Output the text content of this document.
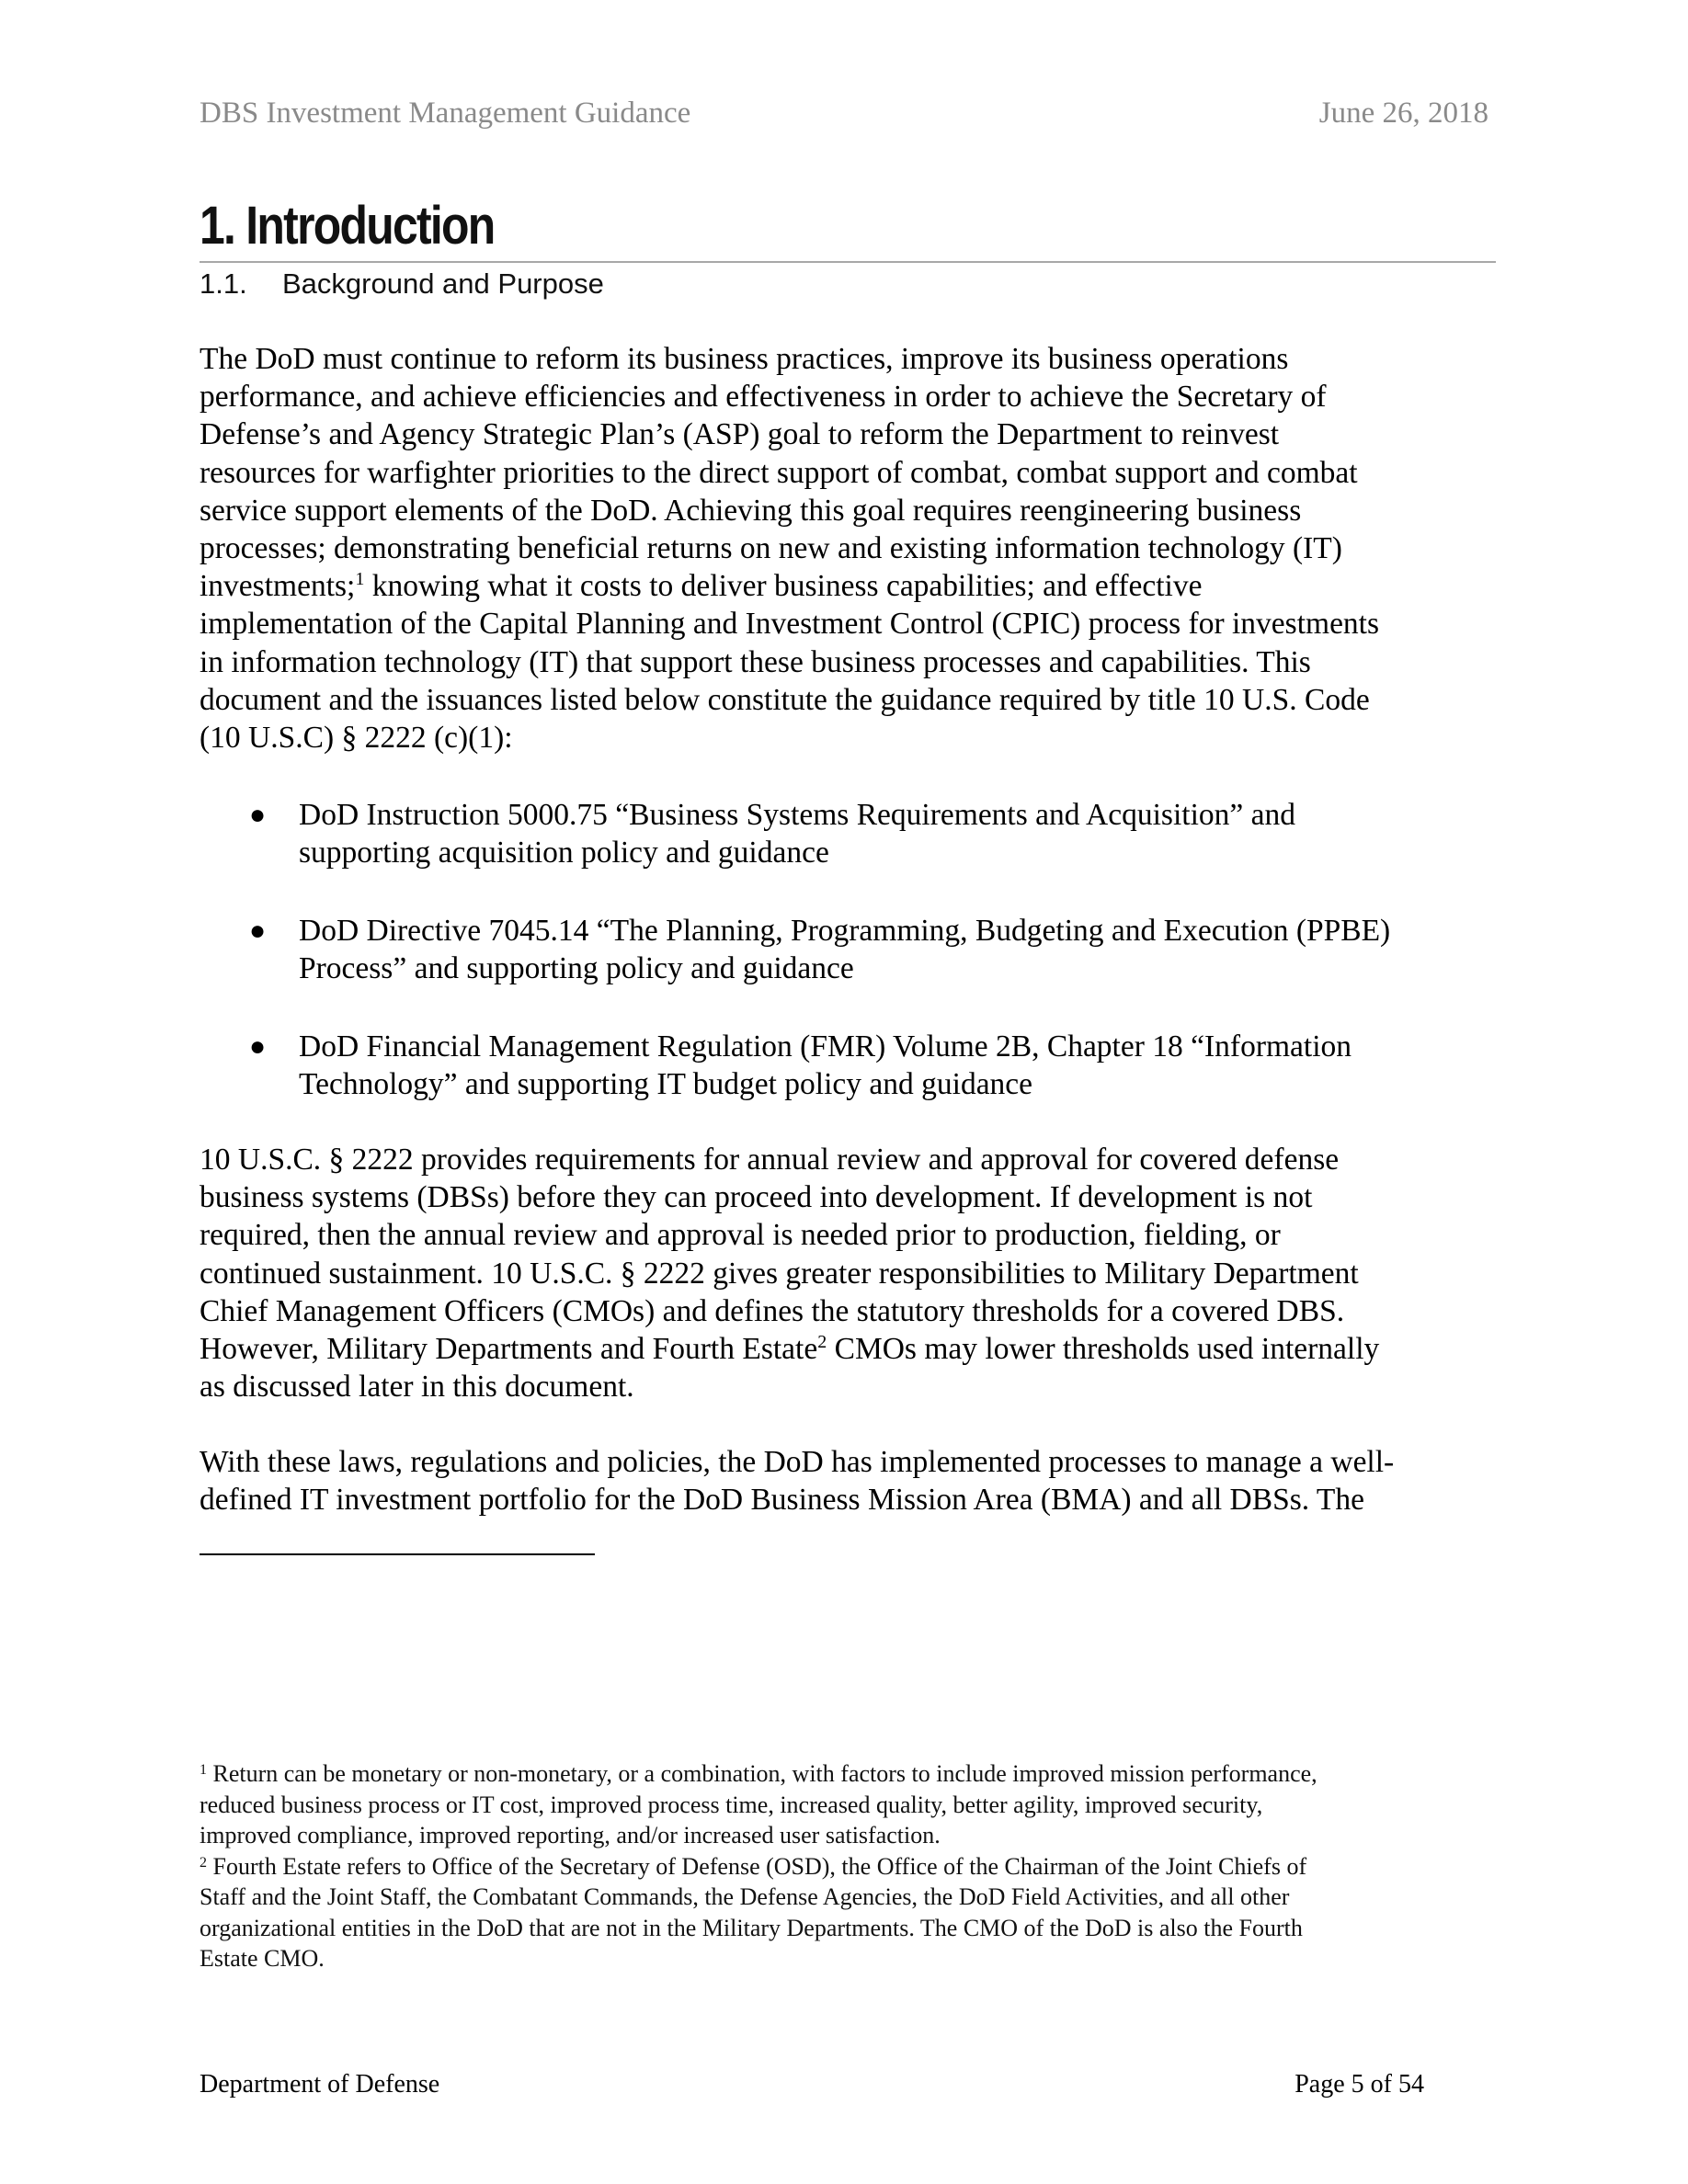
DBS Investment Management Guidance	June 26, 2018
1. Introduction
1.1. Background and Purpose
The DoD must continue to reform its business practices, improve its business operations
performance, and achieve efficiencies and effectiveness in order to achieve the Secretary of
Defense’s and Agency Strategic Plan’s (ASP) goal to reform the Department to reinvest
resources for warfighter priorities to the direct support of combat, combat support and combat
service support elements of the DoD. Achieving this goal requires reengineering business
processes; demonstrating beneficial returns on new and existing information technology (IT)
investments;$^1$ knowing what it costs to deliver business capabilities; and effective
implementation of the Capital Planning and Investment Control (CPIC) process for investments
in information technology (IT) that support these business processes and capabilities. This
document and the issuances listed below constitute the guidance required by title 10 U.S. Code
(10 U.S.C) § 2222 (c)(1):
● DoD Instruction 5000.75 “Business Systems Requirements and Acquisition” and
supporting acquisition policy and guidance
● DoD Directive 7045.14 “The Planning, Programming, Budgeting and Execution (PPBE)
Process” and supporting policy and guidance
● DoD Financial Management Regulation (FMR) Volume 2B, Chapter 18 “Information
Technology” and supporting IT budget policy and guidance
10 U.S.C. § 2222 provides requirements for annual review and approval for covered defense
business systems (DBSs) before they can proceed into development. If development is not
required, then the annual review and approval is needed prior to production, fielding, or
continued sustainment. 10 U.S.C. § 2222 gives greater responsibilities to Military Department
Chief Management Officers (CMOs) and defines the statutory thresholds for a covered DBS.
However, Military Departments and Fourth Estate$^2$ CMOs may lower thresholds used internally
as discussed later in this document.
With these laws, regulations and policies, the DoD has implemented processes to manage a well-
defined IT investment portfolio for the DoD Business Mission Area (BMA) and all DBSs. The
$^1$ Return can be monetary or non-monetary, or a combination, with factors to include improved mission performance,
reduced business process or IT cost, improved process time, increased quality, better agility, improved security,
improved compliance, improved reporting, and/or increased user satisfaction.
$^2$ Fourth Estate refers to Office of the Secretary of Defense (OSD), the Office of the Chairman of the Joint Chiefs of
Staff and the Joint Staff, the Combatant Commands, the Defense Agencies, the DoD Field Activities, and all other
organizational entities in the DoD that are not in the Military Departments. The CMO of the DoD is also the Fourth
Estate CMO.
Department of Defense	Page 5 of 54
